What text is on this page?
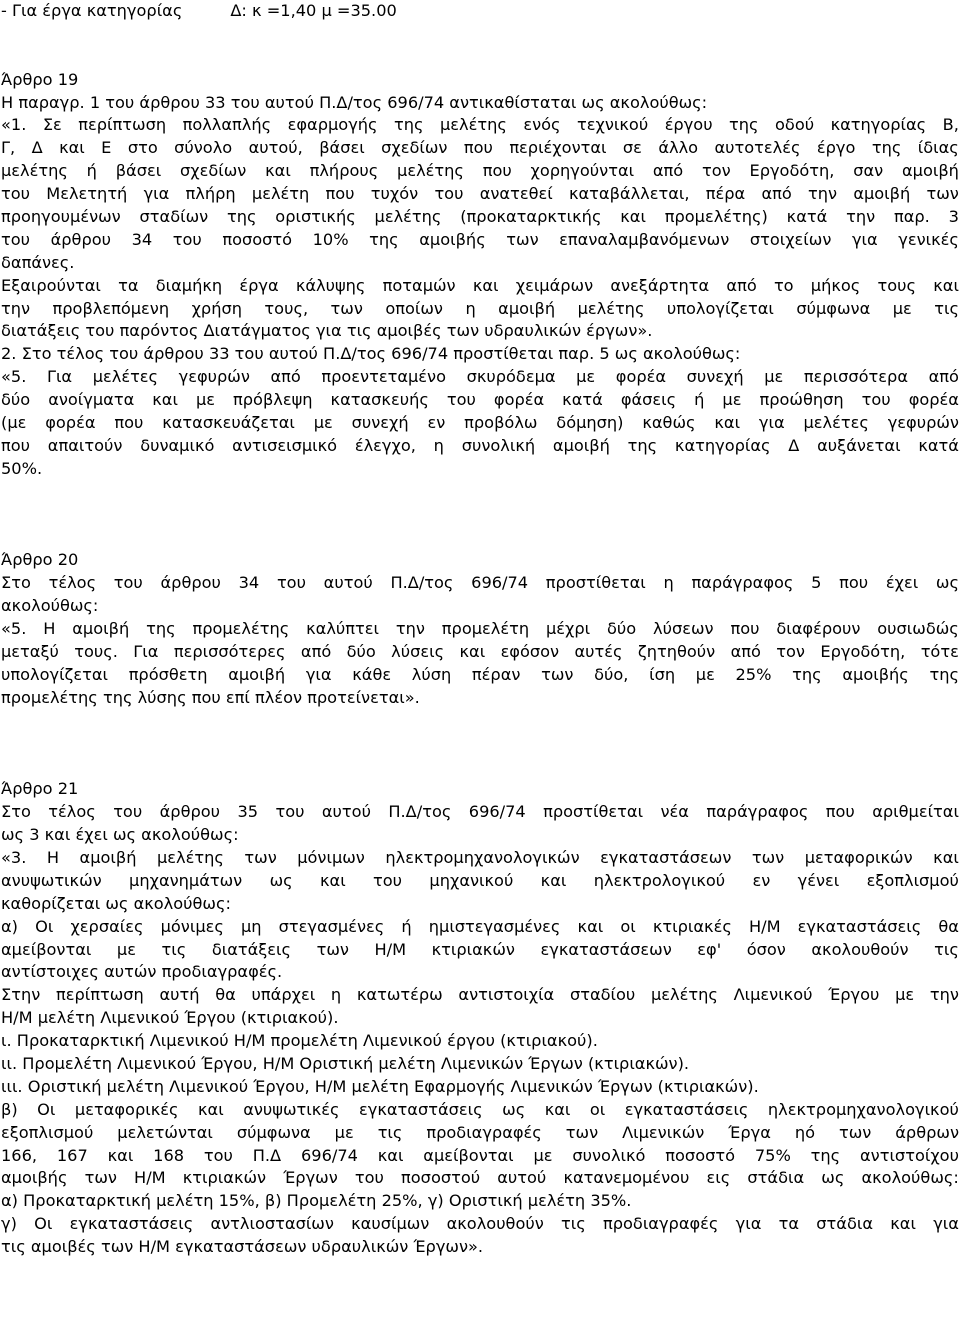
- Για έργα κατηγορίας	Δ: κ =1,40 μ =35.00
Άρθρο 19
Η παραγρ. 1 του άρθρου 33 του αυτού Π.Δ/τος 696/74 αντικαθίσταται ως ακολούθως:
«1. Σε περίπτωση πολλαπλής εφαρμογής της μελέτης ενός τεχνικού έργου της οδού κατηγορίας Β,
Γ, Δ και Ε στο σύνολο αυτού, βάσει σχεδίων που περιέχονται σε άλλο αυτοτελές έργο της ίδιας
μελέτης ή βάσει σχεδίων και πλήρους μελέτης που χορηγούνται από τον Εργοδότη, σαν αμοιβή
του Μελετητή για πλήρη μελέτη που τυχόν του ανατεθεί καταβάλλεται, πέρα από την αμοιβή των
προηγουμένων σταδίων της οριστικής μελέτης (προκαταρκτικής και προμελέτης) κατά την παρ. 3
του άρθρου 34 του ποσοστό 10% της αμοιβής των επαναλαμβανόμενων στοιχείων για γενικές
δαπάνες.
Εξαιρούνται τα διαμήκη έργα κάλυψης ποταμών και χειμάρων ανεξάρτητα από το μήκος τους και
την προβλεπόμενη χρήση τους, των οποίων η αμοιβή μελέτης υπολογίζεται σύμφωνα με τις
διατάξεις του παρόντος Διατάγματος για τις αμοιβές των υδραυλικών έργων».
2. Στο τέλος του άρθρου 33 του αυτού Π.Δ/τος 696/74 προστίθεται παρ. 5 ως ακολούθως:
«5. Για μελέτες γεφυρών από προεντεταμένο σκυρόδεμα με φορέα συνεχή με περισσότερα από
δύο ανοίγματα και με πρόβλεψη κατασκευής του φορέα κατά φάσεις ή με προώθηση του φορέα
(με φορέα που κατασκευάζεται με συνεχή εν προβόλω δόμηση) καθώς και για μελέτες γεφυρών
που απαιτούν δυναμικό αντισεισμικό έλεγχο, η συνολική αμοιβή της κατηγορίας Δ αυξάνεται κατά
50%.
Άρθρο 20
Στο τέλος του άρθρου 34 του αυτού Π.Δ/τος 696/74 προστίθεται η παράγραφος 5 που έχει ως
ακολούθως:
«5. Η αμοιβή της προμελέτης καλύπτει την προμελέτη μέχρι δύο λύσεων που διαφέρουν ουσιωδώς
μεταξύ τους. Για περισσότερες από δύο λύσεις και εφόσον αυτές ζητηθούν από τον Εργοδότη, τότε
υπολογίζεται πρόσθετη αμοιβή για κάθε λύση πέραν των δύο, ίση με 25% της αμοιβής της
προμελέτης της λύσης που επί πλέον προτείνεται».
Άρθρο 21
Στο τέλος του άρθρου 35 του αυτού Π.Δ/τος 696/74 προστίθεται νέα παράγραφος που αριθμείται
ως 3 και έχει ως ακολούθως:
«3. Η αμοιβή μελέτης των μόνιμων ηλεκτρομηχανολογικών εγκαταστάσεων των μεταφορικών και
ανυψωτικών μηχανημάτων ως και του μηχανικού και ηλεκτρολογικού εν γένει εξοπλισμού
καθορίζεται ως ακολούθως:
α) Οι χερσαίες μόνιμες μη στεγασμένες ή ημιστεγασμένες και οι κτιριακές Η/Μ εγκαταστάσεις θα
αμείβονται με τις διατάξεις των Η/Μ κτιριακών εγκαταστάσεων εφ' όσον ακολουθούν τις
αντίστοιχες αυτών προδιαγραφές.
Στην περίπτωση αυτή θα υπάρχει η κατωτέρω αντιστοιχία σταδίου μελέτης Λιμενικού Έργου με την
Η/Μ μελέτη Λιμενικού Έργου (κτιριακού).
ι. Προκαταρκτική Λιμενικού Η/Μ προμελέτη Λιμενικού έργου (κτιριακού).
ιι. Προμελέτη Λιμενικού Έργου, Η/Μ Οριστική μελέτη Λιμενικών Έργων (κτιριακών).
ιιι. Οριστική μελέτη Λιμενικού Έργου, Η/Μ μελέτη Εφαρμογής Λιμενικών Έργων (κτιριακών).
β) Οι μεταφορικές και ανυψωτικές εγκαταστάσεις ως και οι εγκαταστάσεις ηλεκτρομηχανολογικού
εξοπλισμού μελετώνται σύμφωνα με τις προδιαγραφές των Λιμενικών Έργα ηό των άρθρων
166, 167 και 168 του Π.Δ 696/74 και αμείβονται με συνολικό ποσοστό 75% της αντιστοίχου
αμοιβής των Η/Μ κτιριακών Έργων του ποσοστού αυτού κατανεμομένου εις στάδια ως ακολούθως:
α) Προκαταρκτική μελέτη 15%, β) Προμελέτη 25%, γ) Οριστική μελέτη 35%.
γ) Οι εγκαταστάσεις αντλιοστασίων καυσίμων ακολουθούν τις προδιαγραφές για τα στάδια και για
τις αμοιβές των Η/Μ εγκαταστάσεων υδραυλικών Έργων».
